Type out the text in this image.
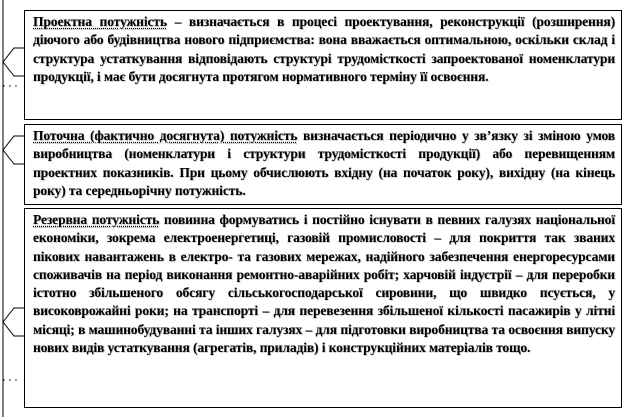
Проектна потужність – визначається в процесі проектування, реконструкції (розширення) діючого або будівництва нового підприємства: вона вважається оптимальною, оскільки склад і структура устаткування відповідають структурі трудомісткості запроектованої номенклатури продукції, і має бути досягнута протягом нормативного терміну її освоєння.
Поточна (фактично досягнута) потужність визначається періодично у зв’язку зі зміною умов виробництва (номенклатури і структури трудомісткості продукції) або перевищенням проектних показників. При цьому обчислюють вхідну (на початок року), вихідну (на кінець року) та середньорічну потужність.
Резервна потужність повинна формуватись і постійно існувати в певних галузях національної економіки, зокрема електроенергетиці, газовій промисловості – для покриття так званих пікових навантажень в електро- та газових мережах, надійного забезпечення енергоресурсами споживачів на період виконання ремонтно-аварійних робіт; харчовій індустрії – для переробки істотно збільшеного обсягу сільськогосподарської сировини, що швидко псується, у високоврожайні роки; на транспорті – для перевезення збільшеної кількості пасажирів у літні місяці; в машинобудуванні та інших галузях – для підготовки виробництва та освоєння випуску нових видів устаткування (агрегатів, приладів) і конструкційних матеріалів тощо.
